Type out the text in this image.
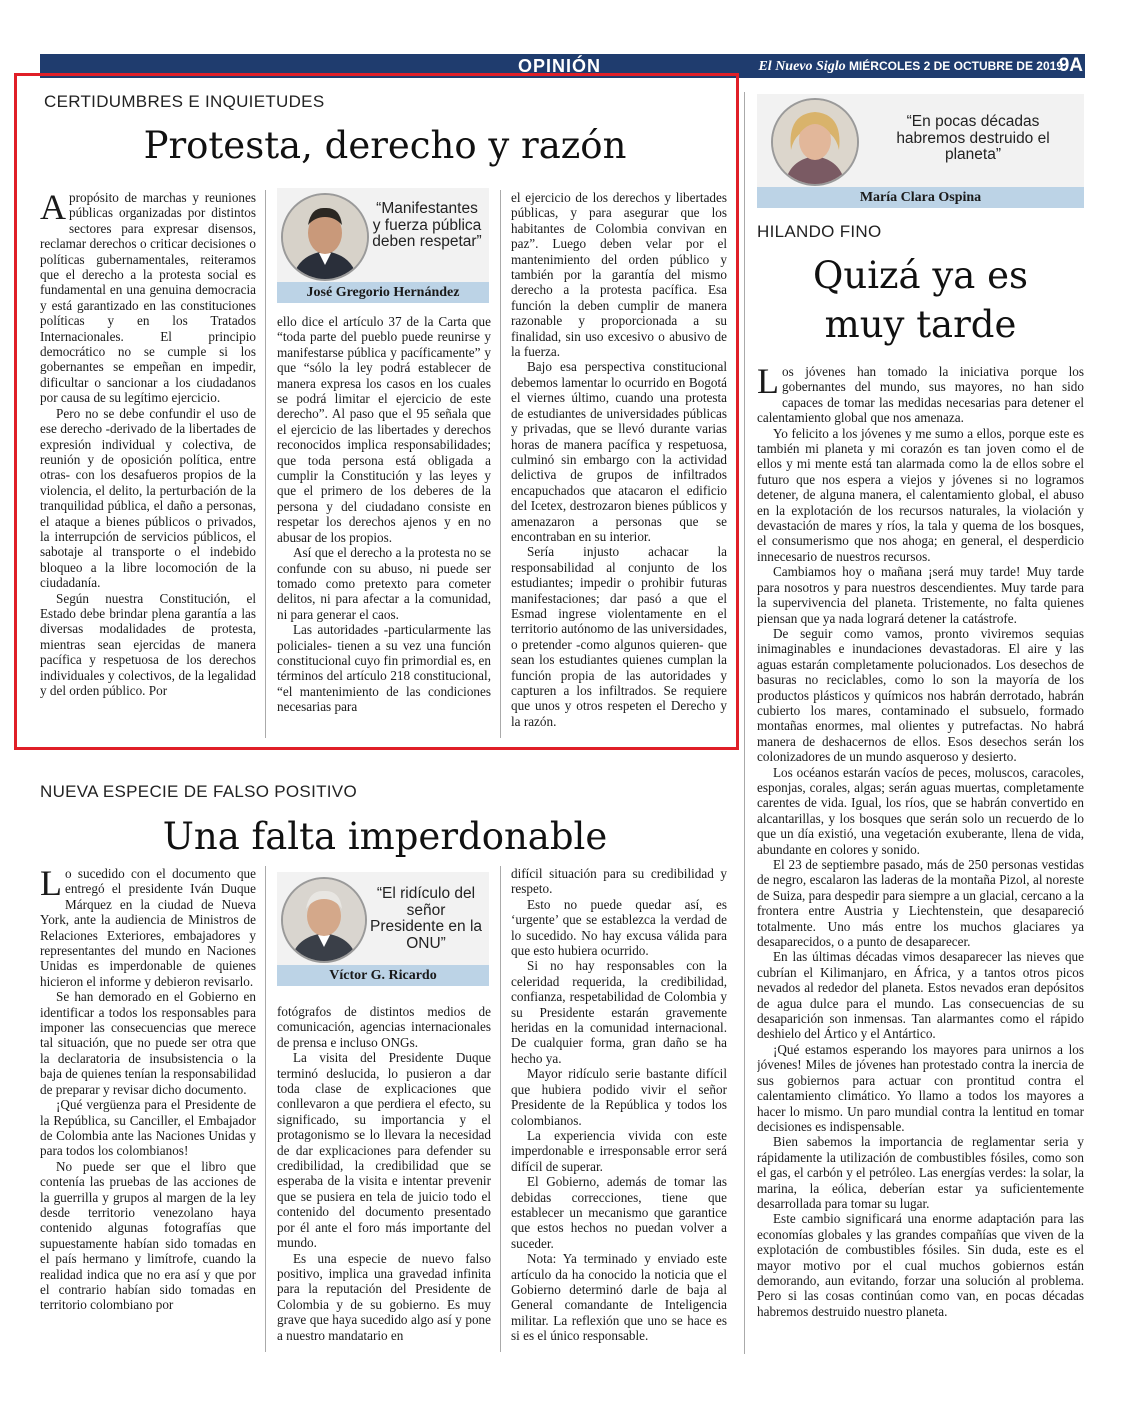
OPINIÓN	El Nuevo Siglo MIÉRCOLES 2 DE OCTUBRE DE 2019
9A
CERTIDUMBRES E INQUIETUDES
Protesta, derecho y razón

Apropósito de marchas y reuniones públicas organizadas por distintos sectores para expresar disensos, reclamar derechos o criticar decisiones o políticas gubernamentales, reiteramos que el derecho a la protesta social es fundamental en una genuina democracia y está garantizado en las constituciones políticas y en los Tratados Internacionales. El principio democrático no se cumple si los gobernantes se empeñan en impedir, dificultar o sancionar a los ciudadanos por causa de su legítimo ejercicio.

Pero no se debe confundir el uso de ese derecho -derivado de la libertades de expresión individual y colectiva, de reunión y de oposición política, entre otras- con los desafueros propios de la violencia, el delito, la perturbación de la tranquilidad pública, el daño a personas, el ataque a bienes públicos o privados, la interrupción de servicios públicos, el sabotaje al transporte o el indebido bloqueo a la libre locomoción de la ciudadanía.

Según nuestra Constitución, el Estado debe brindar plena garantía a las diversas modalidades de protesta, mientras sean ejercidas de manera pacífica y respetuosa de los derechos individuales y colectivos, de la legalidad y del orden público. Por

“Manifestantes y fuerza pública deben respetar”
José Gregorio Hernández

ello dice el artículo 37 de la Carta que “toda parte del pueblo puede reunirse y manifestarse pública y pacíficamente” y que “sólo la ley podrá establecer de manera expresa los casos en los cuales se podrá limitar el ejercicio de este derecho”. Al paso que el 95 señala que el ejercicio de las libertades y derechos reconocidos implica responsabilidades; que toda persona está obligada a cumplir la Constitución y las leyes y que el primero de los deberes de la persona y del ciudadano consiste en respetar los derechos ajenos y en no abusar de los propios.

Así que el derecho a la protesta no se confunde con su abuso, ni puede ser tomado como pretexto para cometer delitos, ni para afectar a la comunidad, ni para generar el caos.

Las autoridades -particularmente las policiales- tienen a su vez una función constitucional cuyo fin primordial es, en términos del artículo 218 constitucional, “el mantenimiento de las condiciones necesarias para

el ejercicio de los derechos y libertades públicas, y para asegurar que los habitantes de Colombia convivan en paz”. Luego deben velar por el mantenimiento del orden público y también por la garantía del mismo derecho a la protesta pacífica. Esa función la deben cumplir de manera razonable y proporcionada a su finalidad, sin uso excesivo o abusivo de la fuerza.

Bajo esa perspectiva constitucional debemos lamentar lo ocurrido en Bogotá el viernes último, cuando una protesta de estudiantes de universidades públicas y privadas, que se llevó durante varias horas de manera pacífica y respetuosa, culminó sin embargo con la actividad delictiva de grupos de infiltrados encapuchados que atacaron el edificio del Icetex, destrozaron bienes públicos y amenazaron a personas que se encontraban en su interior.

Sería injusto achacar la responsabilidad al conjunto de los estudiantes; impedir o prohibir futuras manifestaciones; dar pasó a que el Esmad ingrese violentamente en el territorio autónomo de las universidades, o pretender -como algunos quieren- que sean los estudiantes quienes cumplan la función propia de las autoridades y capturen a los infiltrados. Se requiere que unos y otros respeten el Derecho y la razón.

NUEVA ESPECIE DE FALSO POSITIVO
Una falta imperdonable

Lo sucedido con el documento que entregó el presidente Iván Duque Márquez en la ciudad de Nueva York, ante la audiencia de Ministros de Relaciones Exteriores, embajadores y representantes del mundo en Naciones Unidas es imperdonable de quienes hicieron el informe y debieron revisarlo.

Se han demorado en el Gobierno en identificar a todos los responsables para imponer las consecuencias que merece tal situación, que no puede ser otra que la declaratoria de insubsistencia o la baja de quienes tenían la responsabilidad de preparar y revisar dicho documento.

¡Qué vergüenza para el Presidente de la República, su Canciller, el Embajador de Colombia ante las Naciones Unidas y para todos los colombianos!

No puede ser que el libro que contenía las pruebas de las acciones de la guerrilla y grupos al margen de la ley desde territorio venezolano haya contenido algunas fotografías que supuestamente habían sido tomadas en el país hermano y limítrofe, cuando la realidad indica que no era así y que por el contrario habían sido tomadas en territorio colombiano por

“El ridículo del señor Presidente en la ONU”
Víctor G. Ricardo

fotógrafos de distintos medios de comunicación, agencias internacionales de prensa e incluso ONGs.

La visita del Presidente Duque terminó deslucida, lo pusieron a dar toda clase de explicaciones que conllevaron a que perdiera el efecto, su significado, su importancia y el protagonismo se lo llevara la necesidad de dar explicaciones para defender su credibilidad, la credibilidad que se esperaba de la visita e intentar prevenir que se pusiera en tela de juicio todo el contenido del documento presentado por él ante el foro más importante del mundo.

Es una especie de nuevo falso positivo, implica una gravedad infinita para la reputación del Presidente de Colombia y de su gobierno. Es muy grave que haya sucedido algo así y pone a nuestro mandatario en

difícil situación para su credibilidad y respeto.

Esto no puede quedar así, es ‘urgente’ que se establezca la verdad de lo sucedido. No hay excusa válida para que esto hubiera ocurrido.

Si no hay responsables con la celeridad requerida, la credibilidad, confianza, respetabilidad de Colombia y su Presidente estarán gravemente heridas en la comunidad internacional. De cualquier forma, gran daño se ha hecho ya.

Mayor ridículo serie bastante difícil que hubiera podido vivir el señor Presidente de la República y todos los colombianos.

La experiencia vivida con este imperdonable e irresponsable error será difícil de superar.

El Gobierno, además de tomar las debidas correcciones, tiene que establecer un mecanismo que garantice que estos hechos no puedan volver a suceder.

Nota: Ya terminado y enviado este artículo da ha conocido la noticia que el Gobierno determinó darle de baja al General comandante de Inteligencia militar. La reflexión que uno se hace es si es el único responsable.

“En pocas décadas habremos destruido el planeta”
María Clara Ospina
HILANDO FINO
Quizá ya es
muy tarde

Los jóvenes han tomado la iniciativa porque los gobernantes del mundo, sus mayores, no han sido capaces de tomar las medidas necesarias para detener el calentamiento global que nos amenaza.

Yo felicito a los jóvenes y me sumo a ellos, porque este es también mi planeta y mi corazón es tan joven como el de ellos y mi mente está tan alarmada como la de ellos sobre el futuro que nos espera a viejos y jóvenes si no logramos detener, de alguna manera, el calentamiento global, el abuso en la explotación de los recursos naturales, la violación y devastación de mares y ríos, la tala y quema de los bosques, el consumerismo que nos ahoga; en general, el desperdicio innecesario de nuestros recursos.

Cambiamos hoy o mañana ¡será muy tarde! Muy tarde para nosotros y para nuestros descendientes. Muy tarde para la supervivencia del planeta. Tristemente, no falta quienes piensan que ya nada logrará detener la catástrofe.

De seguir como vamos, pronto viviremos sequias inimaginables e inundaciones devastadoras. El aire y las aguas estarán completamente polucionados. Los desechos de basuras no reciclables, como lo son la mayoría de los productos plásticos y químicos nos habrán derrotado, habrán cubierto los mares, contaminado el subsuelo, formado montañas enormes, mal olientes y putrefactas. No habrá manera de deshacernos de ellos. Esos desechos serán los colonizadores de un mundo asqueroso y desierto.

Los océanos estarán vacíos de peces, moluscos, caracoles, esponjas, corales, algas; serán aguas muertas, completamente carentes de vida. Igual, los ríos, que se habrán convertido en alcantarillas, y los bosques que serán solo un recuerdo de lo que un día existió, una vegetación exuberante, llena de vida, abundante en colores y sonido.

El 23 de septiembre pasado, más de 250 personas vestidas de negro, escalaron las laderas de la montaña Pizol, al noreste de Suiza, para despedir para siempre a un glacial, cercano a la frontera entre Austria y Liechtenstein, que desapareció totalmente. Uno más entre los muchos glaciares ya desaparecidos, o a punto de desaparecer.

En las últimas décadas vimos desaparecer las nieves que cubrían el Kilimanjaro, en África, y a tantos otros picos nevados al rededor del planeta. Estos nevados eran depósitos de agua dulce para el mundo. Las consecuencias de su desaparición son inmensas. Tan alarmantes como el rápido deshielo del Ártico y el Antártico.

¡Qué estamos esperando los mayores para unirnos a los jóvenes! Miles de jóvenes han protestado contra la inercia de sus gobiernos para actuar con prontitud contra el calentamiento climático. Yo llamo a todos los mayores a hacer lo mismo. Un paro mundial contra la lentitud en tomar decisiones es indispensable.

Bien sabemos la importancia de reglamentar seria y rápidamente la utilización de combustibles fósiles, como son el gas, el carbón y el petróleo. Las energías verdes: la solar, la marina, la eólica, deberían estar ya suficientemente desarrollada para tomar su lugar.

Este cambio significará una enorme adaptación para las economías globales y las grandes compañías que viven de la explotación de combustibles fósiles. Sin duda, este es el mayor motivo por el cual muchos gobiernos están demorando, aun evitando, forzar una solución al problema. Pero si las cosas continúan como van, en pocas décadas habremos destruido nuestro planeta.
